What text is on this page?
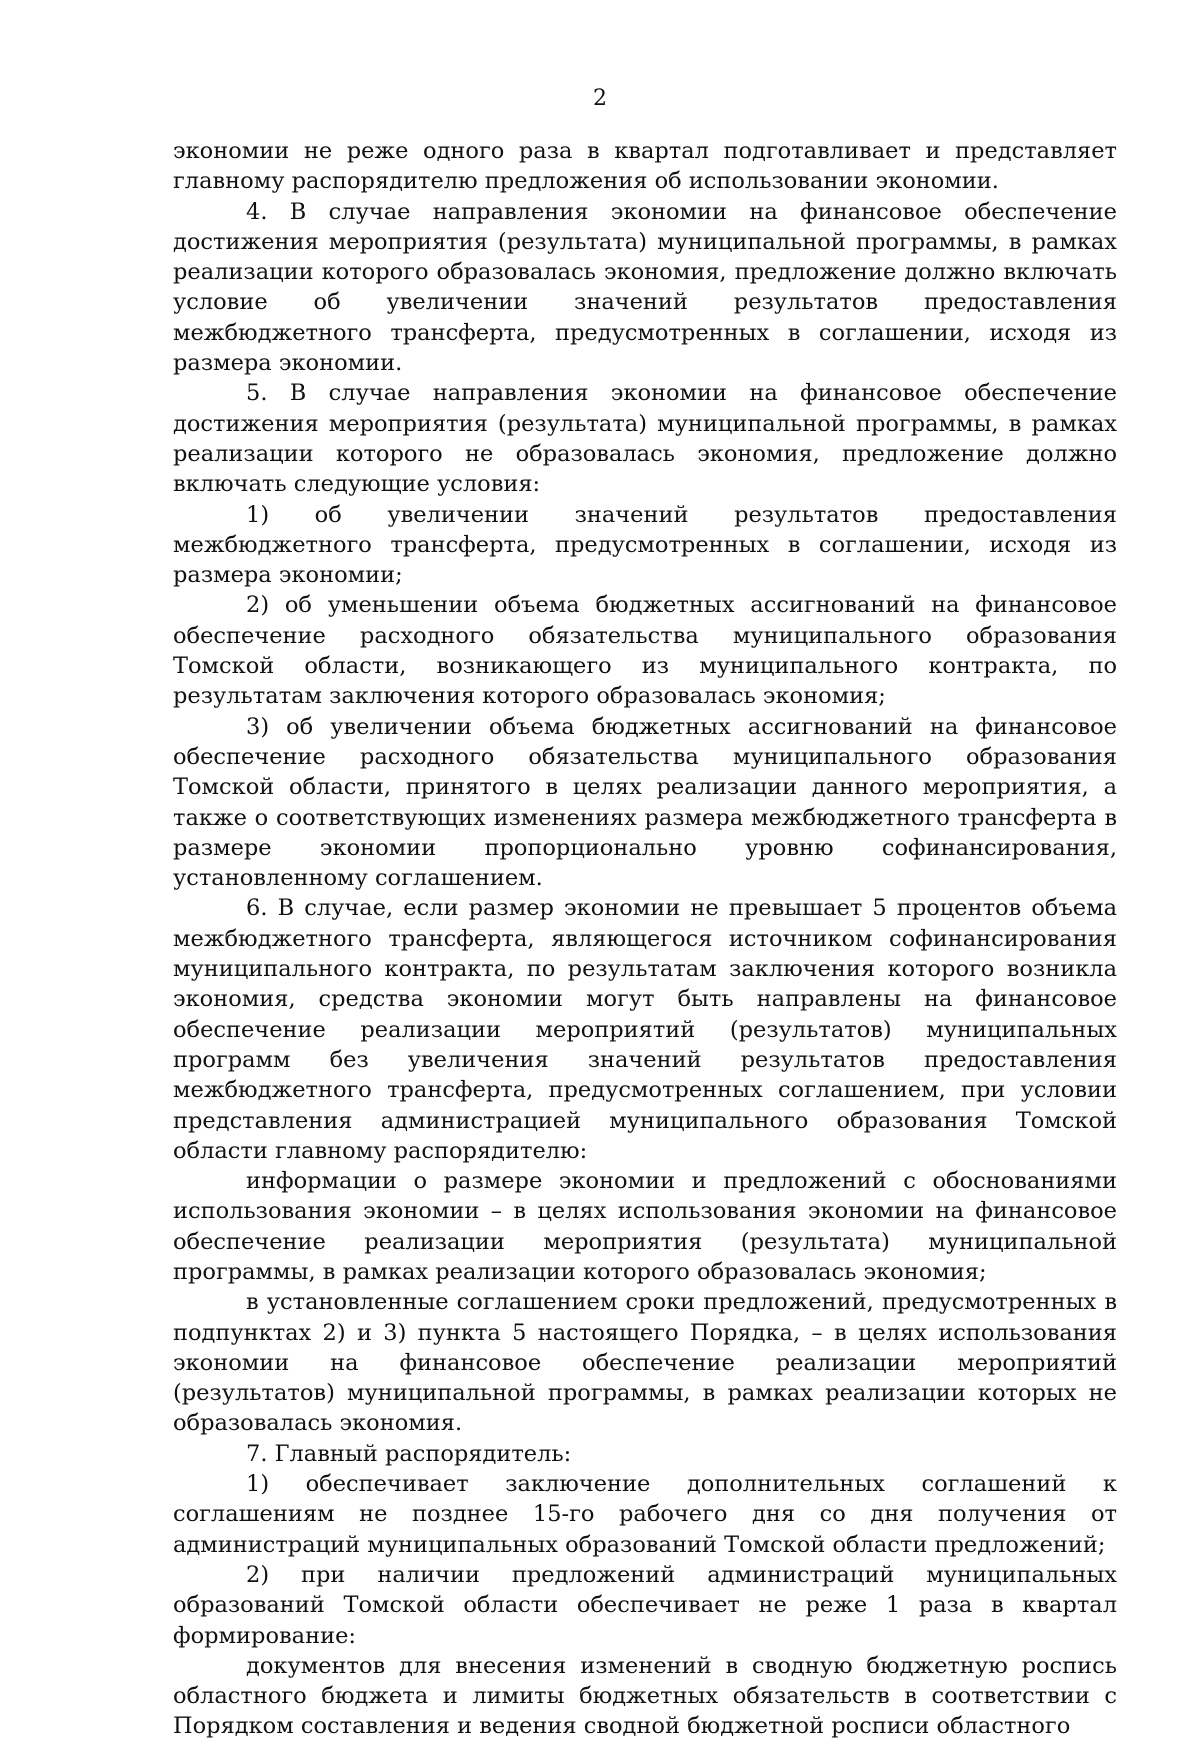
2

экономии не реже одного раза в квартал подготавливает и представляет главному распорядителю предложения об использовании экономии.

4. В случае направления экономии на финансовое обеспечение достижения мероприятия (результата) муниципальной программы, в рамках реализации которого образовалась экономия, предложение должно включать условие об увеличении значений результатов предоставления межбюджетного трансферта, предусмотренных в соглашении, исходя из размера экономии.

5. В случае направления экономии на финансовое обеспечение достижения мероприятия (результата) муниципальной программы, в рамках реализации которого не образовалась экономия, предложение должно включать следующие условия:

1) об увеличении значений результатов предоставления межбюджетного трансферта, предусмотренных в соглашении, исходя из размера экономии;

2) об уменьшении объема бюджетных ассигнований на финансовое обеспечение расходного обязательства муниципального образования Томской области, возникающего из муниципального контракта, по результатам заключения которого образовалась экономия;

3) об увеличении объема бюджетных ассигнований на финансовое обеспечение расходного обязательства муниципального образования Томской области, принятого в целях реализации данного мероприятия, а также о соответствующих изменениях размера межбюджетного трансферта в размере экономии пропорционально уровню софинансирования, установленному соглашением.

6. В случае, если размер экономии не превышает 5 процентов объема межбюджетного трансферта, являющегося источником софинансирования муниципального контракта, по результатам заключения которого возникла экономия, средства экономии могут быть направлены на финансовое обеспечение реализации мероприятий (результатов) муниципальных программ без увеличения значений результатов предоставления межбюджетного трансферта, предусмотренных соглашением, при условии представления администрацией муниципального образования Томской области главному распорядителю:

информации о размере экономии и предложений с обоснованиями использования экономии – в целях использования экономии на финансовое обеспечение реализации мероприятия (результата) муниципальной программы, в рамках реализации которого образовалась экономия;

в установленные соглашением сроки предложений, предусмотренных в подпунктах 2) и 3) пункта 5 настоящего Порядка, – в целях использования экономии на финансовое обеспечение реализации мероприятий (результатов) муниципальной программы, в рамках реализации которых не образовалась экономия.

7. Главный распорядитель:

1) обеспечивает заключение дополнительных соглашений к соглашениям не позднее 15-го рабочего дня со дня получения от администраций муниципальных образований Томской области предложений;

2) при наличии предложений администраций муниципальных образований Томской области обеспечивает не реже 1 раза в квартал формирование:

документов для внесения изменений в сводную бюджетную роспись областного бюджета и лимиты бюджетных обязательств в соответствии с Порядком составления и ведения сводной бюджетной росписи областного
